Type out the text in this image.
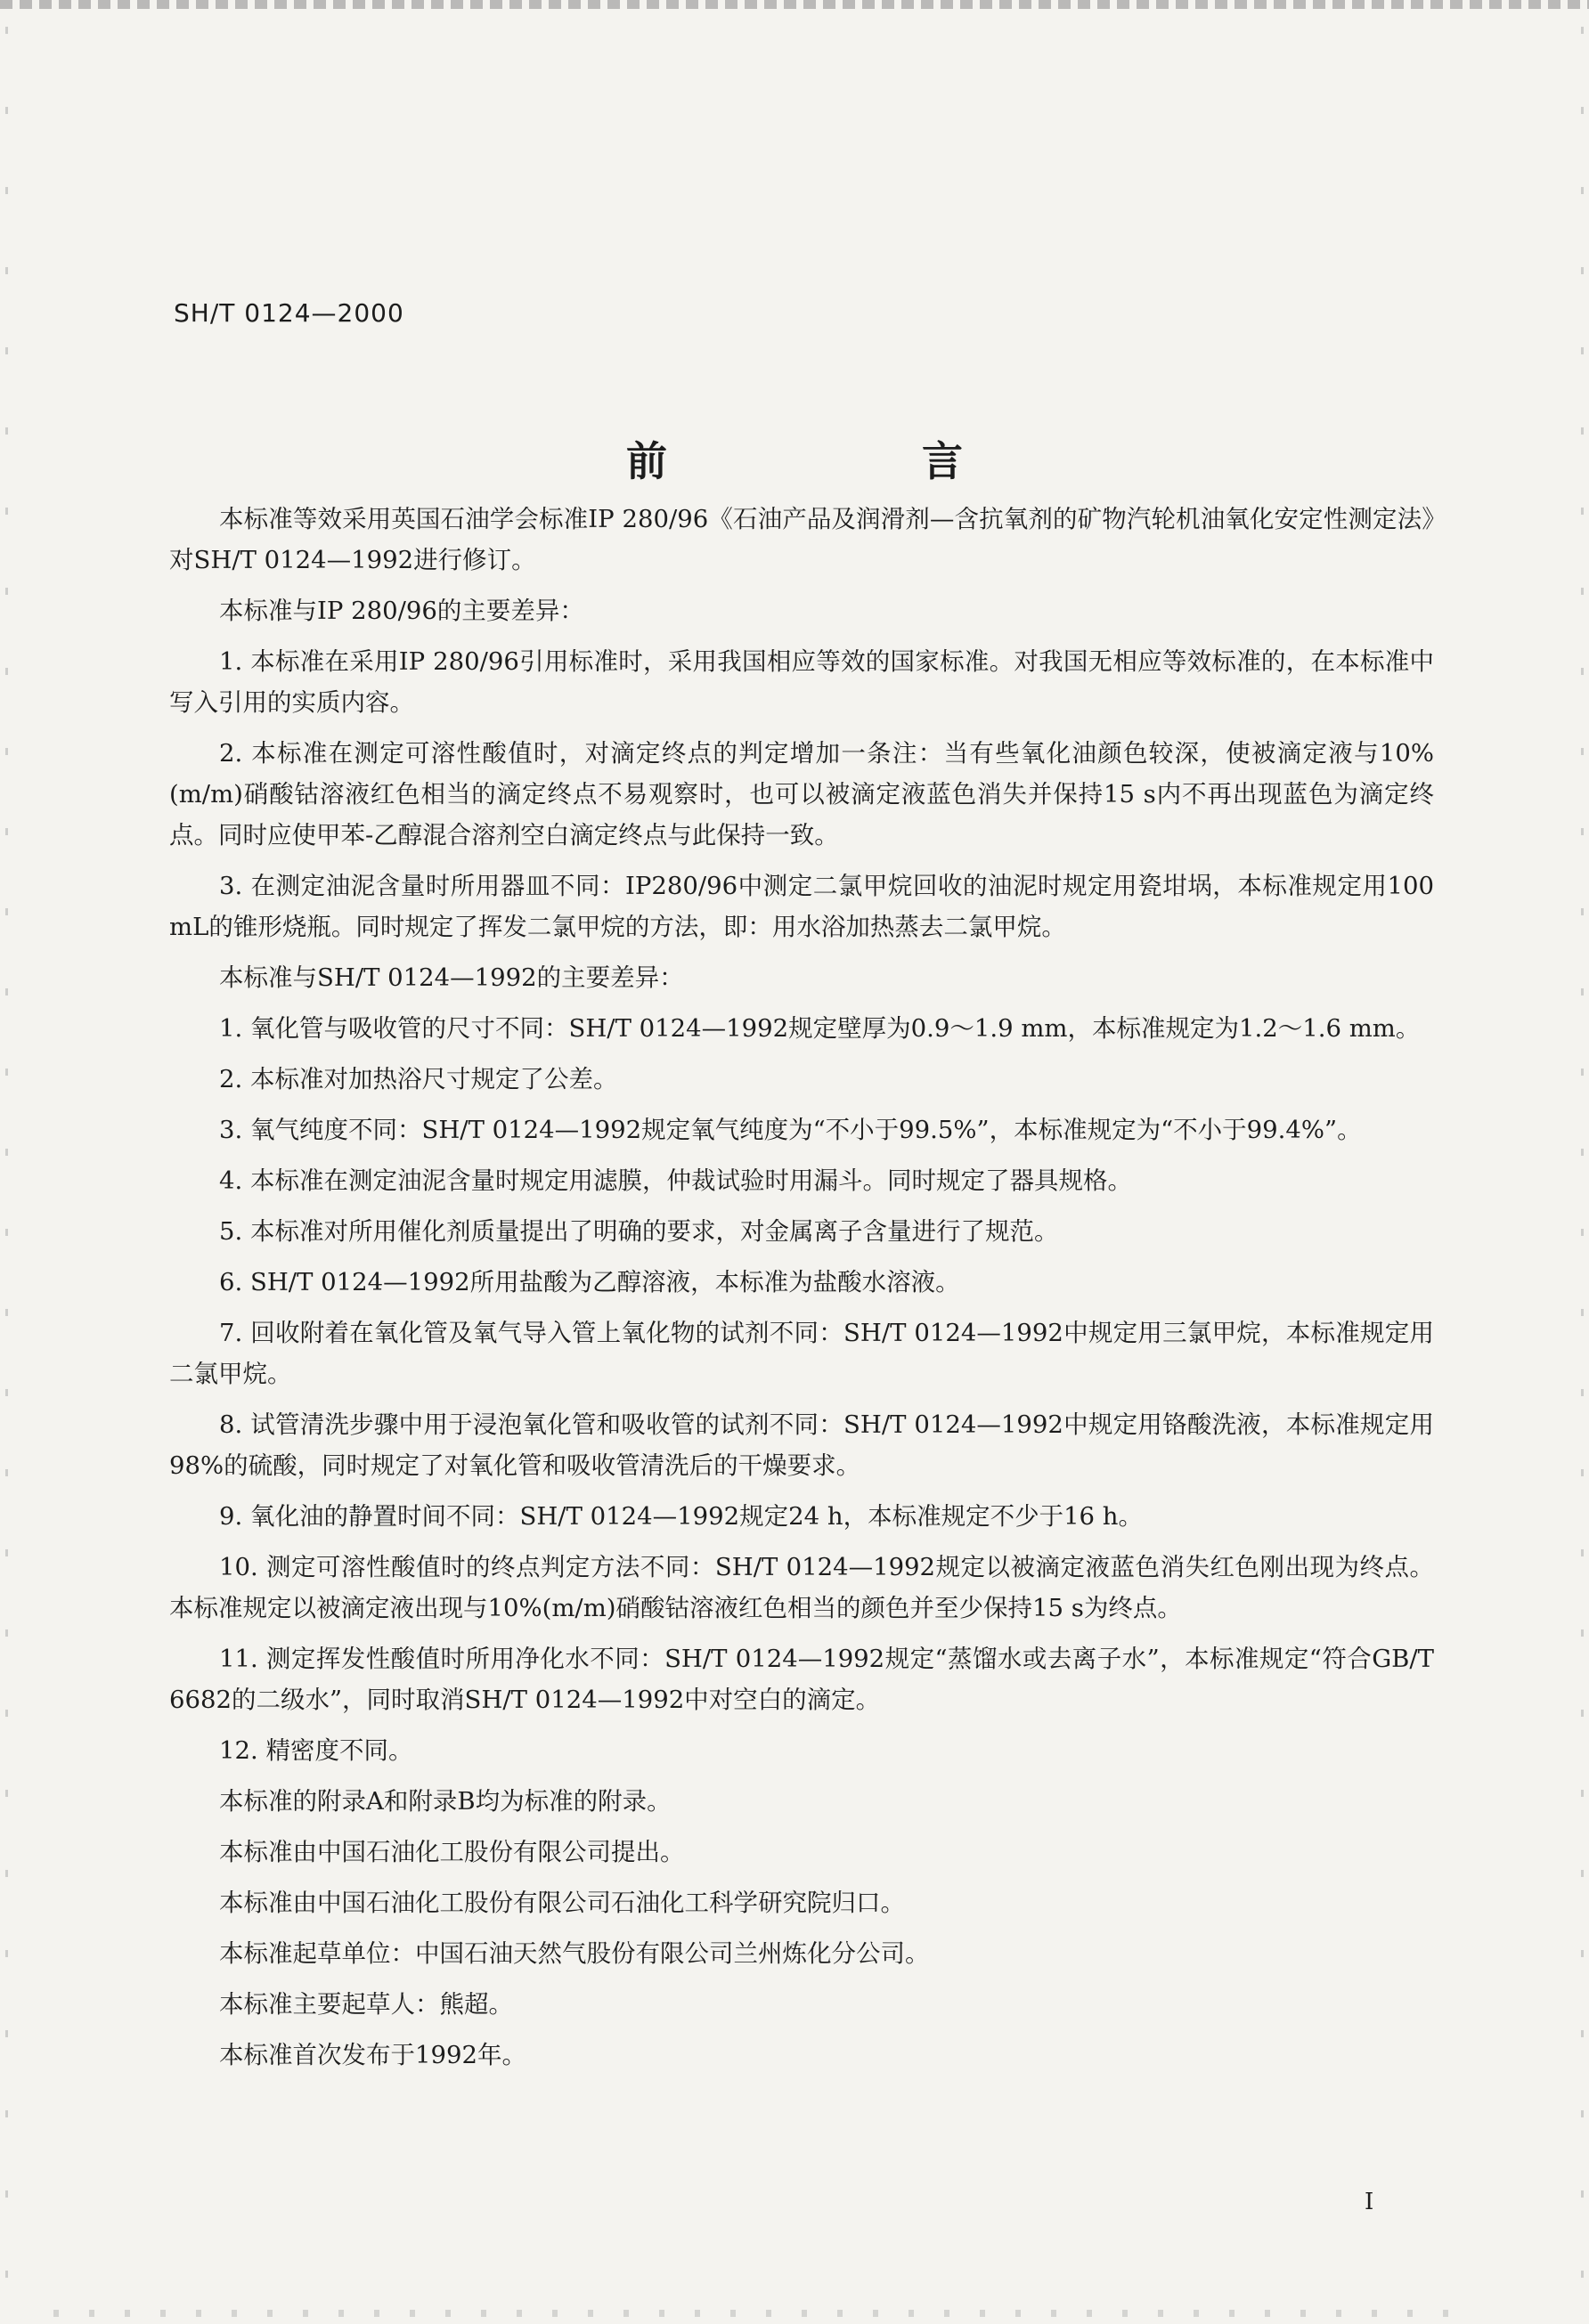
SH/T 0124—2000
前　言

本标准等效采用英国石油学会标准IP 280/96《石油产品及润滑剂—含抗氧剂的矿物汽轮机油氧化安定性测定法》对SH/T 0124—1992进行修订。

本标准与IP 280/96的主要差异：

1. 本标准在采用IP 280/96引用标准时，采用我国相应等效的国家标准。对我国无相应等效标准的，在本标准中写入引用的实质内容。

2. 本标准在测定可溶性酸值时，对滴定终点的判定增加一条注：当有些氧化油颜色较深，使被滴定液与10%(m/m)硝酸钴溶液红色相当的滴定终点不易观察时，也可以被滴定液蓝色消失并保持15 s内不再出现蓝色为滴定终点。同时应使甲苯-乙醇混合溶剂空白滴定终点与此保持一致。

3. 在测定油泥含量时所用器皿不同：IP280/96中测定二氯甲烷回收的油泥时规定用瓷坩埚，本标准规定用100 mL的锥形烧瓶。同时规定了挥发二氯甲烷的方法，即：用水浴加热蒸去二氯甲烷。

本标准与SH/T 0124—1992的主要差异：

1. 氧化管与吸收管的尺寸不同：SH/T 0124—1992规定壁厚为0.9～1.9 mm，本标准规定为1.2～1.6 mm。

2. 本标准对加热浴尺寸规定了公差。

3. 氧气纯度不同：SH/T 0124—1992规定氧气纯度为“不小于99.5%”，本标准规定为“不小于99.4%”。

4. 本标准在测定油泥含量时规定用滤膜，仲裁试验时用漏斗。同时规定了器具规格。

5. 本标准对所用催化剂质量提出了明确的要求，对金属离子含量进行了规范。

6. SH/T 0124—1992所用盐酸为乙醇溶液，本标准为盐酸水溶液。

7. 回收附着在氧化管及氧气导入管上氧化物的试剂不同：SH/T 0124—1992中规定用三氯甲烷，本标准规定用二氯甲烷。

8. 试管清洗步骤中用于浸泡氧化管和吸收管的试剂不同：SH/T 0124—1992中规定用铬酸洗液，本标准规定用98%的硫酸，同时规定了对氧化管和吸收管清洗后的干燥要求。

9. 氧化油的静置时间不同：SH/T 0124—1992规定24 h，本标准规定不少于16 h。

10. 测定可溶性酸值时的终点判定方法不同：SH/T 0124—1992规定以被滴定液蓝色消失红色刚出现为终点。本标准规定以被滴定液出现与10%(m/m)硝酸钴溶液红色相当的颜色并至少保持15 s为终点。

11. 测定挥发性酸值时所用净化水不同：SH/T 0124—1992规定“蒸馏水或去离子水”，本标准规定“符合GB/T 6682的二级水”，同时取消SH/T 0124—1992中对空白的滴定。

12. 精密度不同。

本标准的附录A和附录B均为标准的附录。

本标准由中国石油化工股份有限公司提出。

本标准由中国石油化工股份有限公司石油化工科学研究院归口。

本标准起草单位：中国石油天然气股份有限公司兰州炼化分公司。

本标准主要起草人：熊超。

本标准首次发布于1992年。

I
